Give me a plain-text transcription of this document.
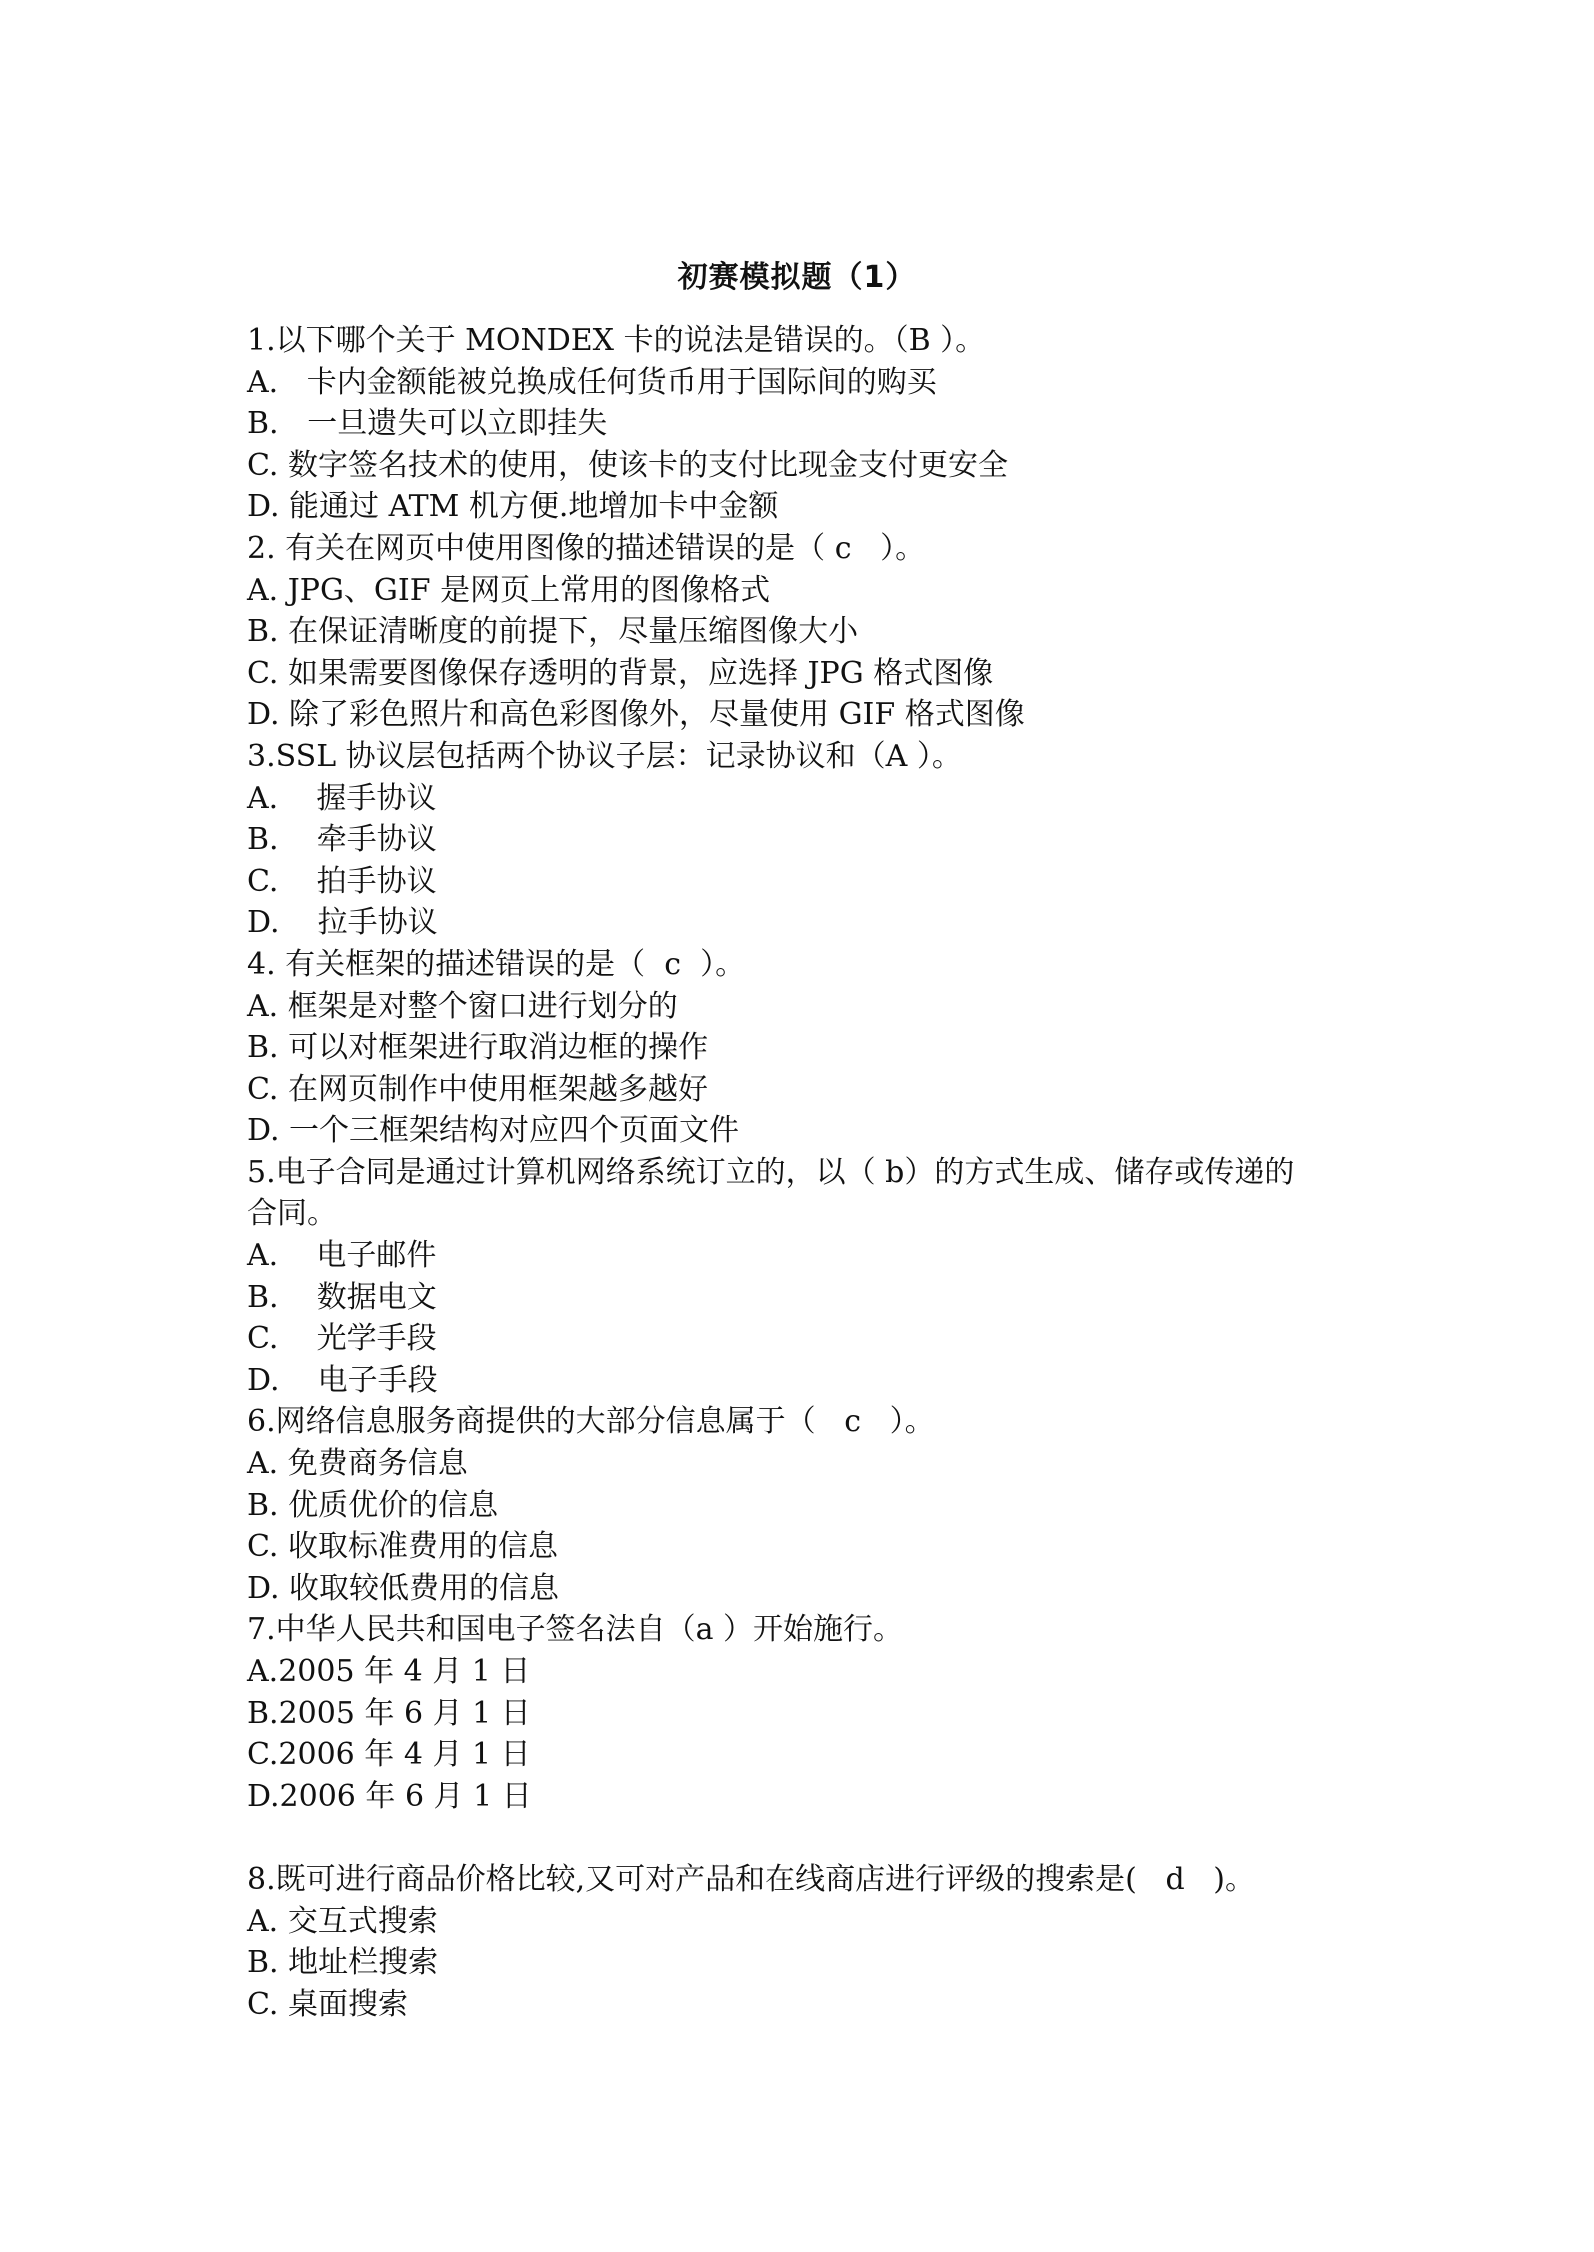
初赛模拟题（1）
1.以下哪个关于 MONDEX 卡的说法是错误的。（B ）。
A.   卡内金额能被兑换成任何货币用于国际间的购买
B.   一旦遗失可以立即挂失
C. 数字签名技术的使用，使该卡的支付比现金支付更安全
D. 能通过 ATM 机方便.地增加卡中金额
2. 有关在网页中使用图像的描述错误的是（ c   ）。
A. JPG、GIF 是网页上常用的图像格式
B. 在保证清晰度的前提下，尽量压缩图像大小
C. 如果需要图像保存透明的背景，应选择 JPG 格式图像
D. 除了彩色照片和高色彩图像外，尽量使用 GIF 格式图像
3.SSL 协议层包括两个协议子层：记录协议和（A ）。
A.    握手协议
B.    牵手协议
C.    拍手协议
D.    拉手协议
4. 有关框架的描述错误的是（  c  ）。
A. 框架是对整个窗口进行划分的
B. 可以对框架进行取消边框的操作
C. 在网页制作中使用框架越多越好
D. 一个三框架结构对应四个页面文件
5.电子合同是通过计算机网络系统订立的，以（ b）的方式生成、储存或传递的
合同。
A.    电子邮件
B.    数据电文
C.    光学手段
D.    电子手段
6.网络信息服务商提供的大部分信息属于（   c   ）。
A. 免费商务信息
B. 优质优价的信息
C. 收取标准费用的信息
D. 收取较低费用的信息
7.中华人民共和国电子签名法自（a ）开始施行。
A.2005 年 4 月 1 日
B.2005 年 6 月 1 日
C.2006 年 4 月 1 日
D.2006 年 6 月 1 日
8.既可进行商品价格比较,又可对产品和在线商店进行评级的搜索是(   d   )。
A. 交互式搜索
B. 地址栏搜索
C. 桌面搜索
